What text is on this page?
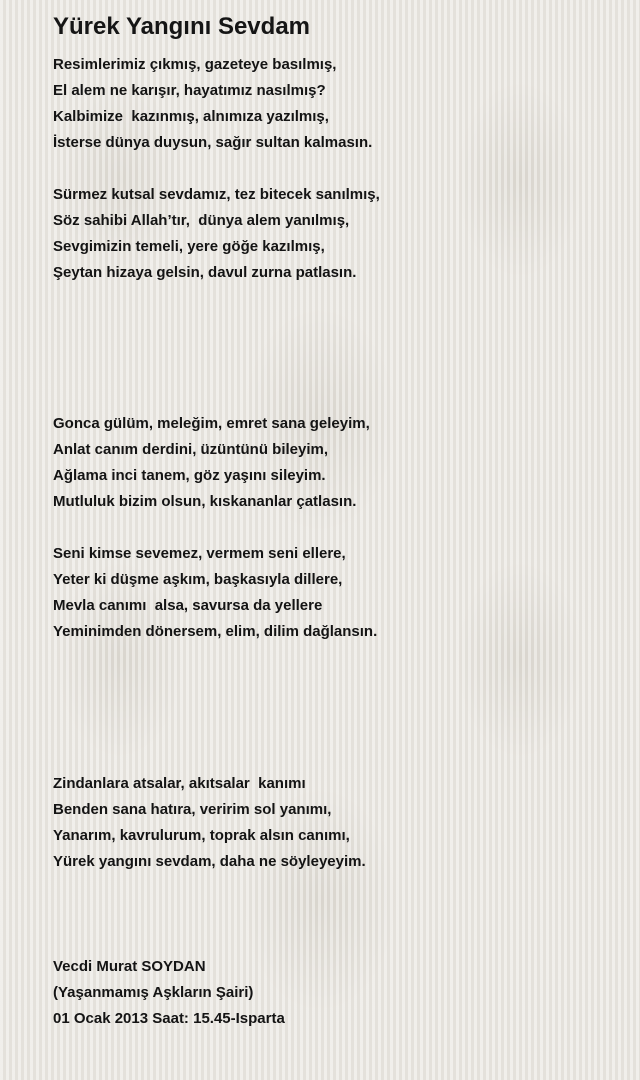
Yürek Yangını Sevdam
Resimlerimiz çıkmış, gazeteye basılmış,
El alem ne karışır, hayatımız nasılmış?
Kalbimize  kazınmış, alnımıza yazılmış,
İsterse dünya duysun, sağır sultan kalmasın.
Sürmez kutsal sevdamız, tez bitecek sanılmış,
Söz sahibi Allah’tır,  dünya alem yanılmış,
Sevgimizin temeli, yere göğe kazılmış,
Şeytan hizaya gelsin, davul zurna patlasın.
Gonca gülüm, meleğim, emret sana geleyim,
Anlat canım derdini, üzüntünü bileyim,
Ağlama inci tanem, göz yaşını sileyim.
Mutluluk bizim olsun, kıskananlar çatlasın.
Seni kimse sevemez, vermem seni ellere,
Yeter ki düşme aşkım, başkasıyla dillere,
Mevla canımı  alsa, savursa da yellere
Yeminimden dönersem, elim, dilim dağlansın.
Zindanlara atsalar, akıtsalar  kanımı
Benden sana hatıra, veririm sol yanımı,
Yanarım, kavrulurum, toprak alsın canımı,
Yürek yangını sevdam, daha ne söyleyeyim.
Vecdi Murat SOYDAN
(Yaşanmamış Aşkların Şairi)
01 Ocak 2013 Saat: 15.45-Isparta
